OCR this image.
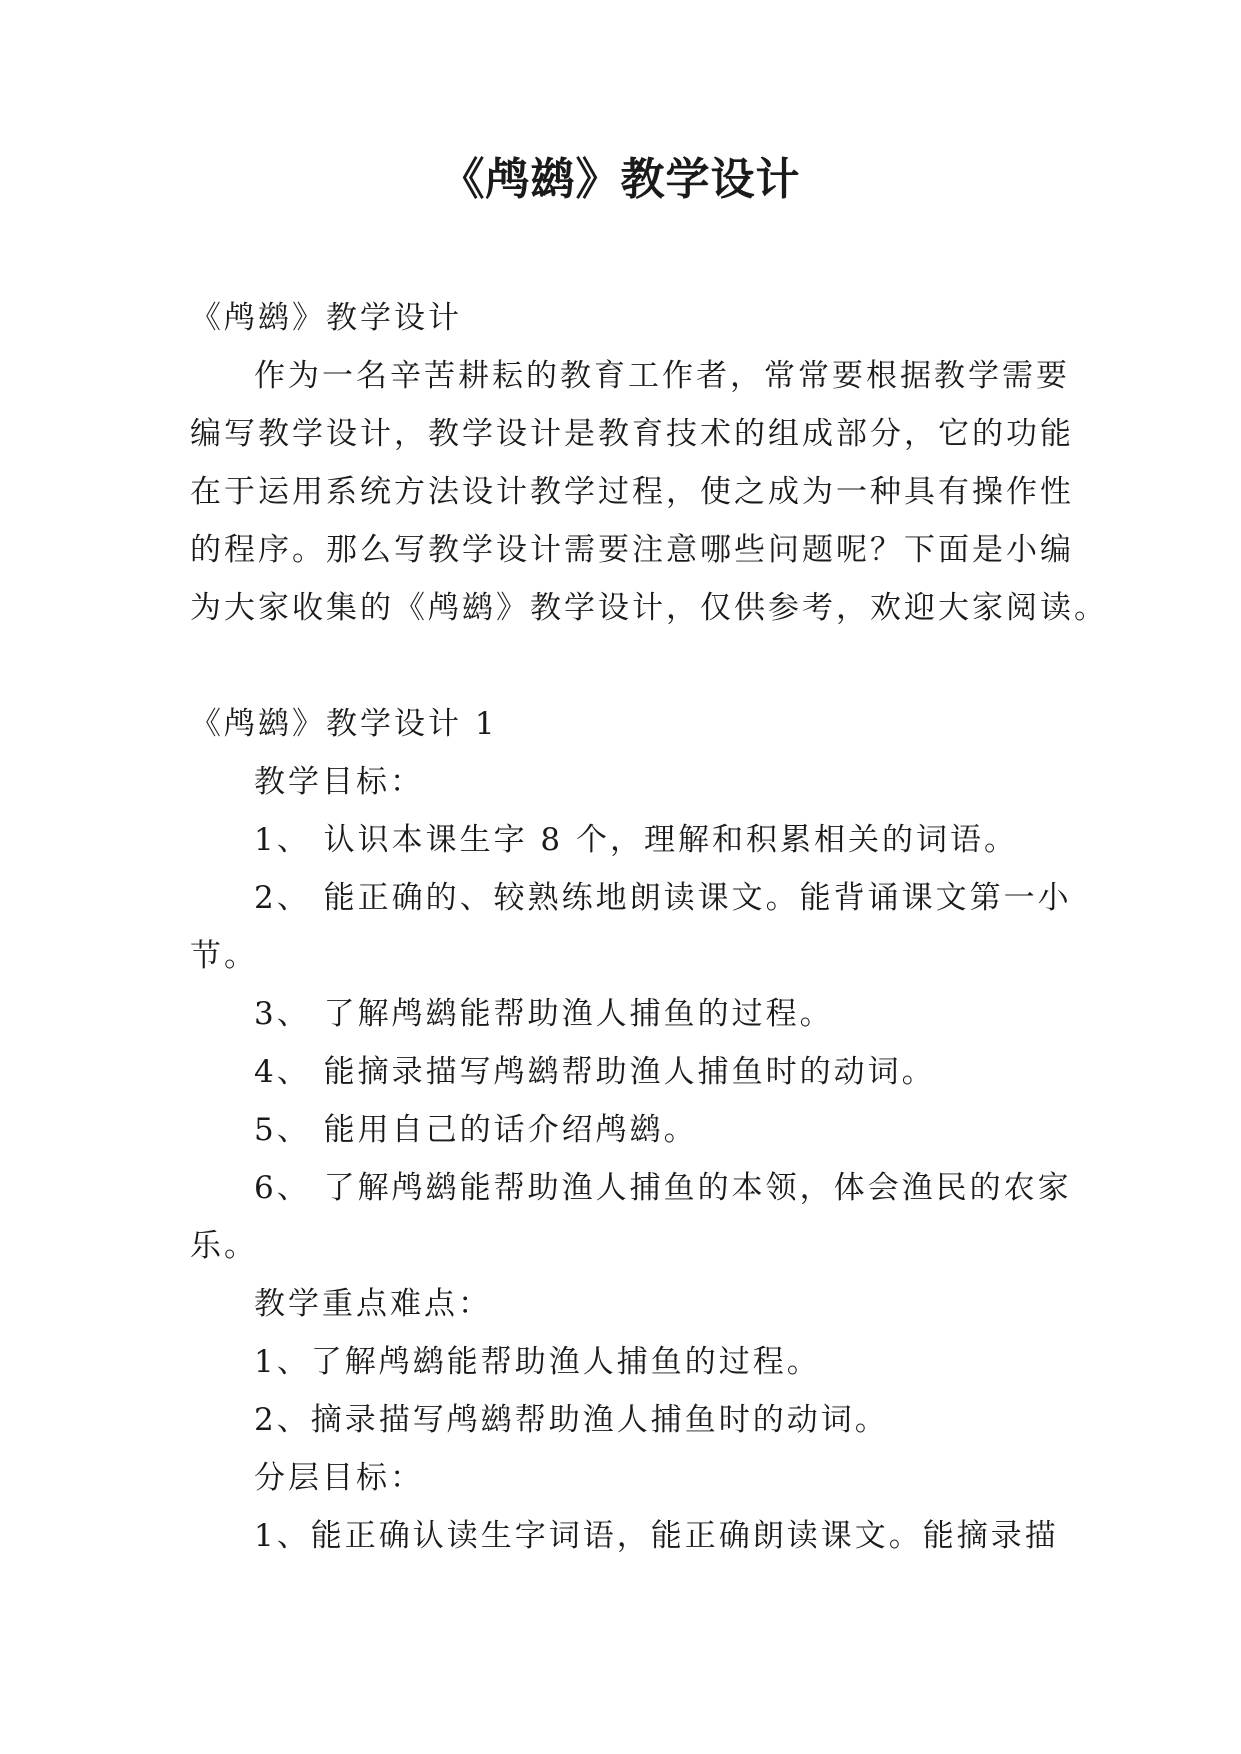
《鸬鹚》教学设计

《鸬鹚》教学设计

作为一名辛苦耕耘的教育工作者，常常要根据教学需要

编写教学设计，教学设计是教育技术的组成部分，它的功能

在于运用系统方法设计教学过程，使之成为一种具有操作性

的程序。那么写教学设计需要注意哪些问题呢？下面是小编

为大家收集的《鸬鹚》教学设计，仅供参考，欢迎大家阅读。

《鸬鹚》教学设计 1

教学目标：

1、 认识本课生字 8 个，理解和积累相关的词语。

2、 能正确的、较熟练地朗读课文。能背诵课文第一小

节。

3、 了解鸬鹚能帮助渔人捕鱼的过程。

4、 能摘录描写鸬鹚帮助渔人捕鱼时的动词。

5、 能用自己的话介绍鸬鹚。

6、 了解鸬鹚能帮助渔人捕鱼的本领，体会渔民的农家

乐。

教学重点难点：

1、了解鸬鹚能帮助渔人捕鱼的过程。

2、摘录描写鸬鹚帮助渔人捕鱼时的动词。

分层目标：

1、能正确认读生字词语，能正确朗读课文。能摘录描
